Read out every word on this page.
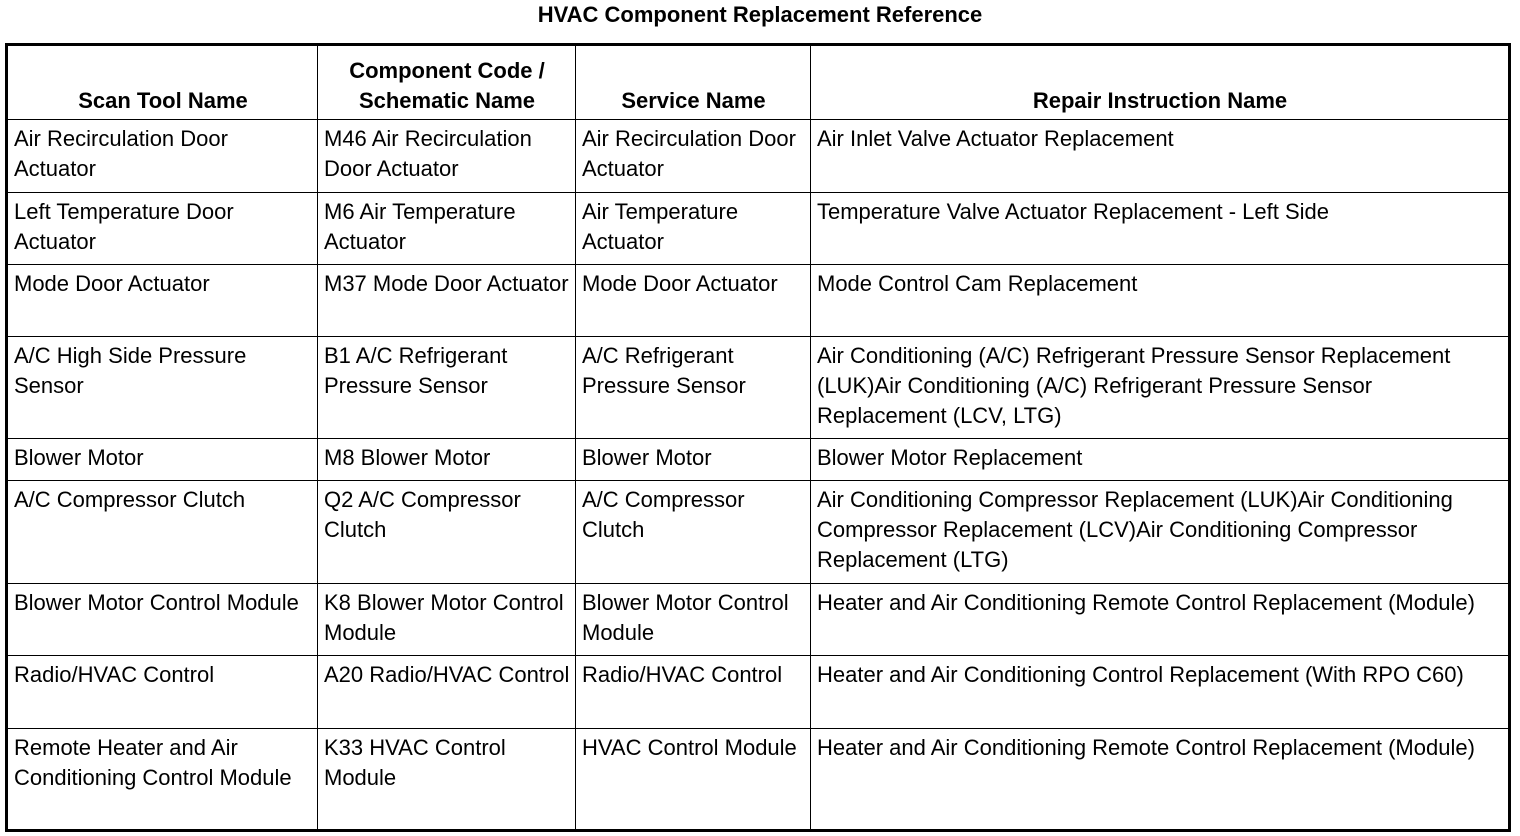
HVAC Component Replacement Reference
Scan Tool Name	Component Code / Schematic Name	Service Name	Repair Instruction Name
Air Recirculation Door Actuator	M46 Air Recirculation Door Actuator	Air Recirculation Door Actuator	Air Inlet Valve Actuator Replacement
Left Temperature Door Actuator	M6 Air Temperature Actuator	Air Temperature Actuator	Temperature Valve Actuator Replacement - Left Side
Mode Door Actuator	M37 Mode Door Actuator	Mode Door Actuator	Mode Control Cam Replacement
A/C High Side Pressure Sensor	B1 A/C Refrigerant Pressure Sensor	A/C Refrigerant Pressure Sensor	Air Conditioning (A/C) Refrigerant Pressure Sensor Replacement (LUK)Air Conditioning (A/C) Refrigerant Pressure Sensor Replacement (LCV, LTG)
Blower Motor	M8 Blower Motor	Blower Motor	Blower Motor Replacement
A/C Compressor Clutch	Q2 A/C Compressor Clutch	A/C Compressor Clutch	Air Conditioning Compressor Replacement (LUK)Air Conditioning Compressor Replacement (LCV)Air Conditioning Compressor Replacement (LTG)
Blower Motor Control Module	K8 Blower Motor Control Module	Blower Motor Control Module	Heater and Air Conditioning Remote Control Replacement (Module)
Radio/HVAC Control	A20 Radio/HVAC Control	Radio/HVAC Control	Heater and Air Conditioning Control Replacement (With RPO C60)
Remote Heater and Air Conditioning Control Module	K33 HVAC Control Module	HVAC Control Module	Heater and Air Conditioning Remote Control Replacement (Module)
